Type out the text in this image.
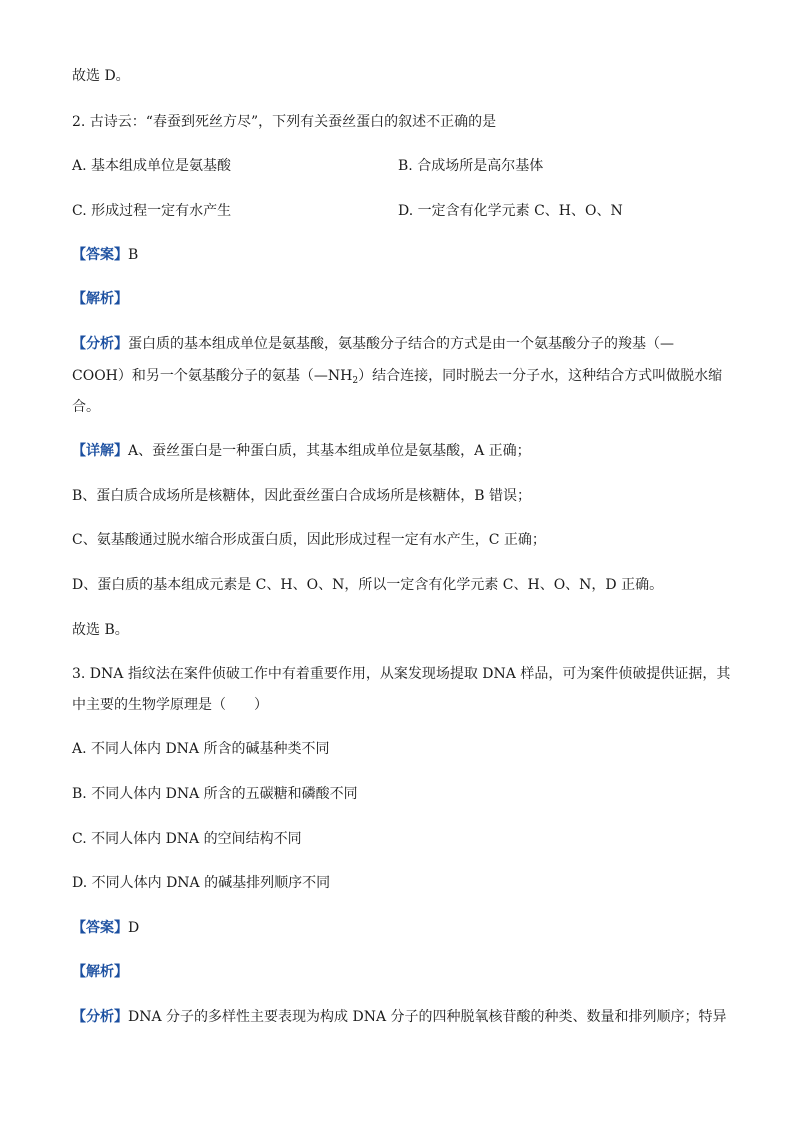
故选 D。
2. 古诗云：“春蚕到死丝方尽”，下列有关蚕丝蛋白的叙述不正确的是
A. 基本组成单位是氨基酸	B. 合成场所是高尔基体
C. 形成过程一定有水产生	D. 一定含有化学元素 C、H、O、N
【答案】B
【解析】
【分析】蛋白质的基本组成单位是氨基酸，氨基酸分子结合的方式是由一个氨基酸分子的羧基（—
COOH）和另一个氨基酸分子的氨基$(—NH_2)$结合连接，同时脱去一分子水，这种结合方式叫做脱水缩
合。
【详解】A、蚕丝蛋白是一种蛋白质，其基本组成单位是氨基酸，A 正确；
B、蛋白质合成场所是核糖体，因此蚕丝蛋白合成场所是核糖体，B 错误；
C、氨基酸通过脱水缩合形成蛋白质，因此形成过程一定有水产生，C 正确；
D、蛋白质的基本组成元素是 C、H、O、N，所以一定含有化学元素 C、H、O、N，D 正确。
故选 B。
3. DNA 指纹法在案件侦破工作中有着重要作用，从案发现场提取 DNA 样品，可为案件侦破提供证据，其
中主要的生物学原理是（　　）
A. 不同人体内 DNA 所含的碱基种类不同
B. 不同人体内 DNA 所含的五碳糖和磷酸不同
C. 不同人体内 DNA 的空间结构不同
D. 不同人体内 DNA 的碱基排列顺序不同
【答案】D
【解析】
【分析】DNA 分子的多样性主要表现为构成 DNA 分子的四种脱氧核苷酸的种类、数量和排列顺序；特异
